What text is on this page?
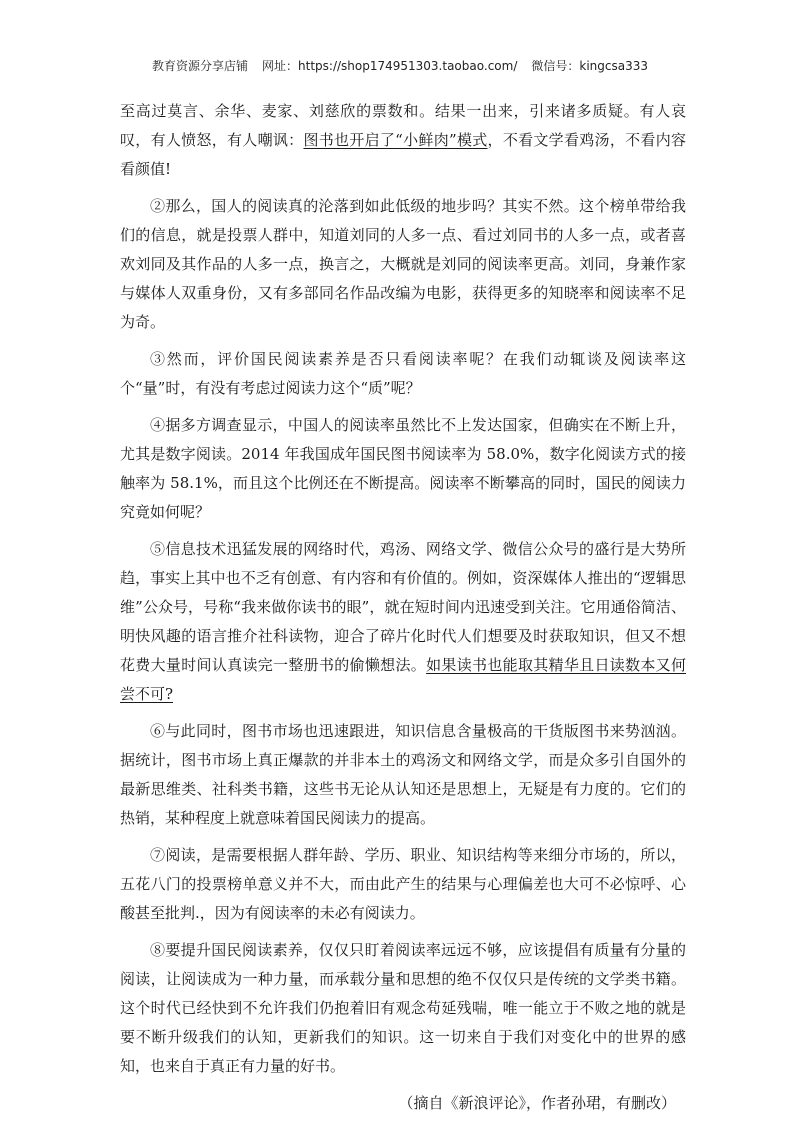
教育资源分享店铺 网址：https://shop174951303.taobao.com/ 微信号：kingcsa333

至高过莫言、余华、麦家、刘慈欣的票数和。结果一出来，引来诸多质疑。有人哀叹，有人愤怒，有人嘲讽：图书也开启了“小鲜肉”模式，不看文学看鸡汤，不看内容看颜值!

②那么，国人的阅读真的沦落到如此低级的地步吗？其实不然。这个榜单带给我们的信息，就是投票人群中，知道刘同的人多一点、看过刘同书的人多一点，或者喜欢刘同及其作品的人多一点，换言之，大概就是刘同的阅读率更高。刘同，身兼作家与媒体人双重身份，又有多部同名作品改编为电影，获得更多的知晓率和阅读率不足为奇。

③然而，评价国民阅读素养是否只看阅读率呢？在我们动辄谈及阅读率这个“量”时，有没有考虑过阅读力这个“质”呢？

④据多方调查显示，中国人的阅读率虽然比不上发达国家，但确实在不断上升，尤其是数字阅读。2014 年我国成年国民图书阅读率为 58.0%，数字化阅读方式的接触率为 58.1%，而且这个比例还在不断提高。阅读率不断攀高的同时，国民的阅读力究竟如何呢？

⑤信息技术迅猛发展的网络时代，鸡汤、网络文学、微信公众号的盛行是大势所趋，事实上其中也不乏有创意、有内容和有价值的。例如，资深媒体人推出的“逻辑思维”公众号，号称“我来做你读书的眼”，就在短时间内迅速受到关注。它用通俗简洁、明快风趣的语言推介社科读物，迎合了碎片化时代人们想要及时获取知识，但又不想花费大量时间认真读完一整册书的偷懒想法。如果读书也能取其精华且日读数本又何尝不可?

⑥与此同时，图书市场也迅速跟进，知识信息含量极高的干货版图书来势汹汹。据统计，图书市场上真正爆款的并非本土的鸡汤文和网络文学，而是众多引自国外的最新思维类、社科类书籍，这些书无论从认知还是思想上，无疑是有力度的。它们的热销，某种程度上就意味着国民阅读力的提高。

⑦阅读，是需要根据人群年龄、学历、职业、知识结构等来细分市场的，所以，五花八门的投票榜单意义并不大，而由此产生的结果与心理偏差也大可不必惊呼、心酸甚至批判.，因为有阅读率的未必有阅读力。

⑧要提升国民阅读素养，仅仅只盯着阅读率远远不够，应该提倡有质量有分量的阅读，让阅读成为一种力量，而承载分量和思想的绝不仅仅只是传统的文学类书籍。这个时代已经快到不允许我们仍抱着旧有观念苟延残喘，唯一能立于不败之地的就是要不断升级我们的认知，更新我们的知识。这一切来自于我们对变化中的世界的感知，也来自于真正有力量的好书。

（摘自《新浪评论》，作者孙珺，有删改）
